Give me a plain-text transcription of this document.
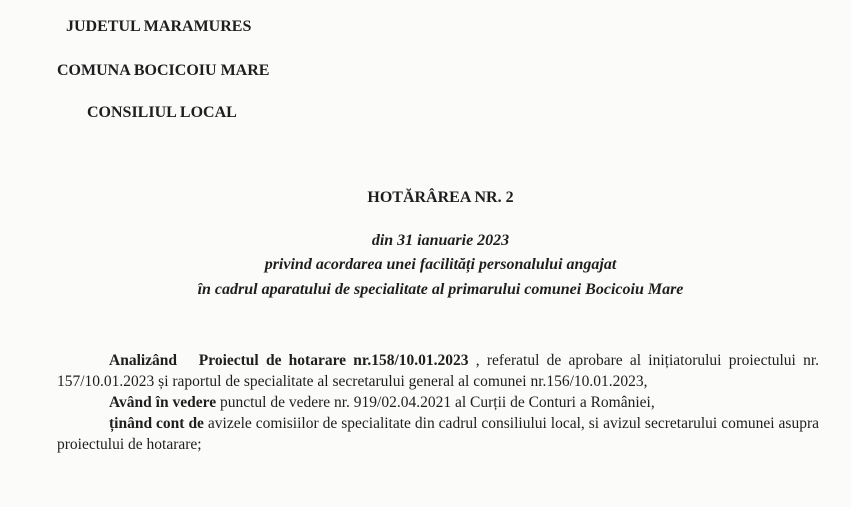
JUDETUL MARAMURES
COMUNA BOCICOIU MARE
CONSILIUL LOCAL
HOTĂRÂREA NR. 2
din 31 ianuarie 2023
privind acordarea unei facilități personalului angajat
în cadrul aparatului de specialitate al primarului comunei Bocicoiu Mare

Analizând Proiectul de hotarare nr.158/10.01.2023 , referatul de aprobare al inițiatorului proiectului nr. 157/10.01.2023 și raportul de specialitate al secretarului general al comunei nr.156/10.01.2023,

Având în vedere punctul de vedere nr. 919/02.04.2021 al Curții de Conturi a României,

ținând cont de avizele comisiilor de specialitate din cadrul consiliului local, si avizul secretarului comunei asupra proiectului de hotarare;
